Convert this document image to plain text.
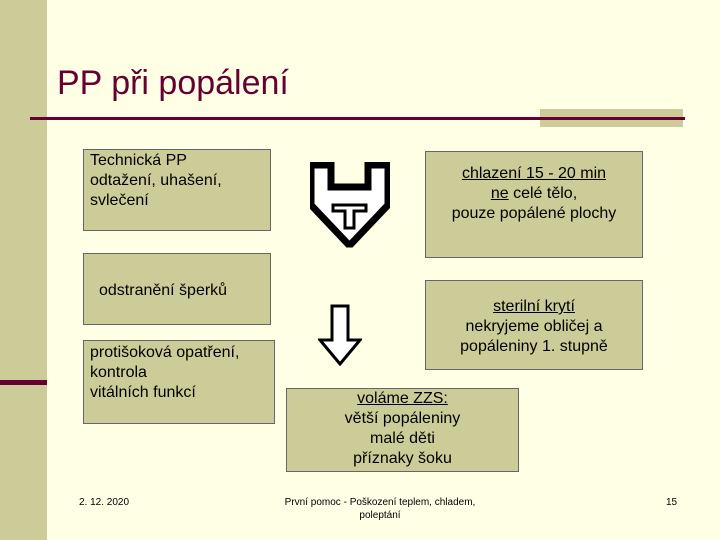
PP při popálení
Technická PP
odtažení, uhašení,
svlečení
chlazení 15 - 20 min
ne celé tělo,
pouze popálené plochy
odstranění šperků
sterilní krytí
nekryjeme obličej a
popáleniny 1. stupně
protišoková opatření,
kontrola
vitálních funkcí	voláme ZZS:
větší popáleniny
malé děti
příznaky šoku
2. 12. 2020	První pomoc - Poškození teplem, chladem,
poleptání
15
